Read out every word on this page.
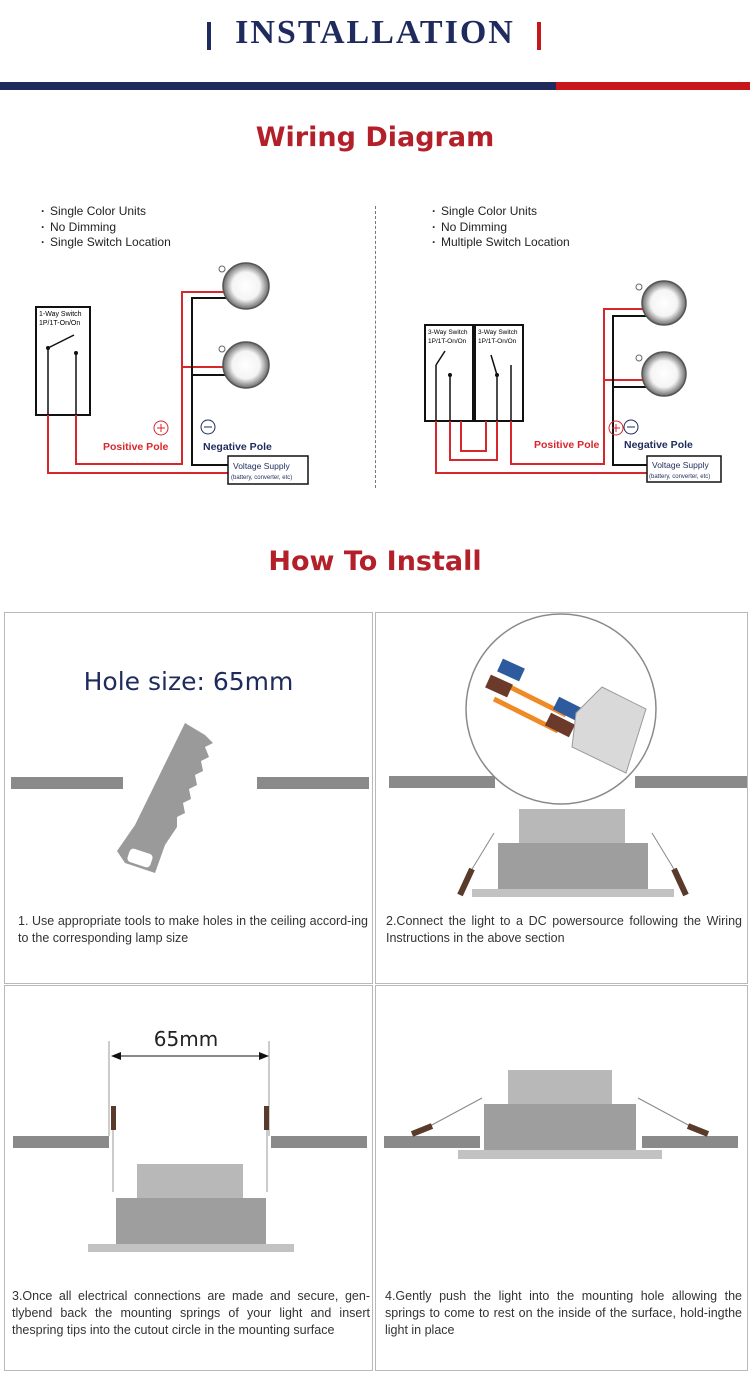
INSTALLATION
Wiring Diagram
· Single Color Units
· No Dimming
· Single Switch Location
· Single Color Units
· No Dimming
· Multiple Switch Location
1-Way Switch
1P/1T-On/On
Positive Pole	Negative Pole
Voltage Supply
(battery, converter, etc)
3-Way Switch
1P/1T-On/On
3-Way Switch
1P/1T-On/On
Positive Pole Negative Pole
Voltage Supply
(battery, converter, etc)
How To Install
Hole size: 65mm
1. Use appropriate tools to make holes in the ceiling accord-ing to the corresponding lamp size
2.Connect the light to a DC powersource following the Wiring Instructions in the above section
65mm
3.Once all electrical connections are made and secure, gen-tlybend back the mounting springs of your light and insert thespring tips into the cutout circle in the mounting surface
4.Gently push the light into the mounting hole allowing the springs to come to rest on the inside of the surface, hold-ingthe light in place
